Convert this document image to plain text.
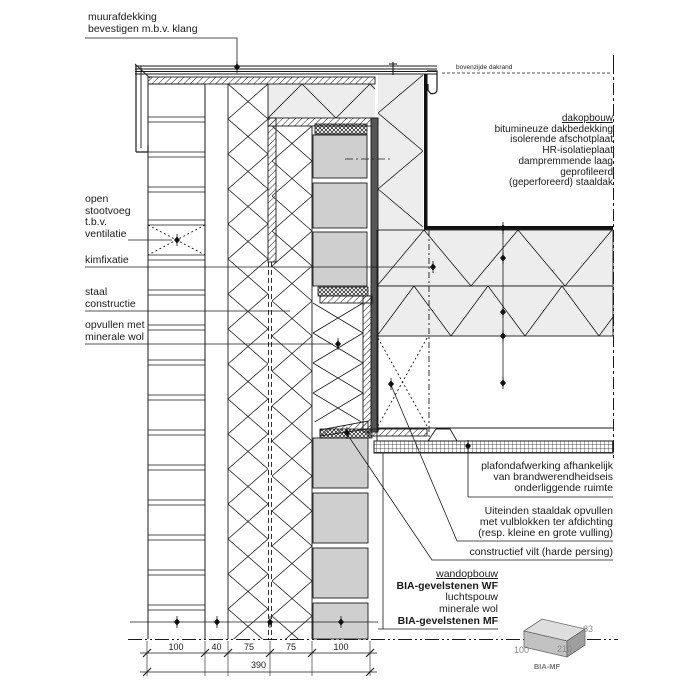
muurafdekking
bevestigen m.b.v. klang
bovenzijde dakrand
dakopbouw
bitumineuze dakbedekking
isolerende afschotplaat
HR-isolatieplaat
dampremmende laag
geprofileerd
(geperforeerd) staaldak
open
stootvoeg
t.b.v.
ventilatie
kimfixatie
staal
constructie
opvullen met
minerale wol
plafondafwerking afhankelijk
van brandwerendheidseis
onderliggende ruimte
Uiteinden staaldak opvullen
met vulblokken ter afdichting
(resp. kleine en grote vulling)
constructief vilt (harde persing)
wandopbouw
BIA-gevelstenen WF
luchtspouw
minerale wol
BIA-gevelstenen MF
100	40	75	75	100
390
100	210
83
BIA-MF
